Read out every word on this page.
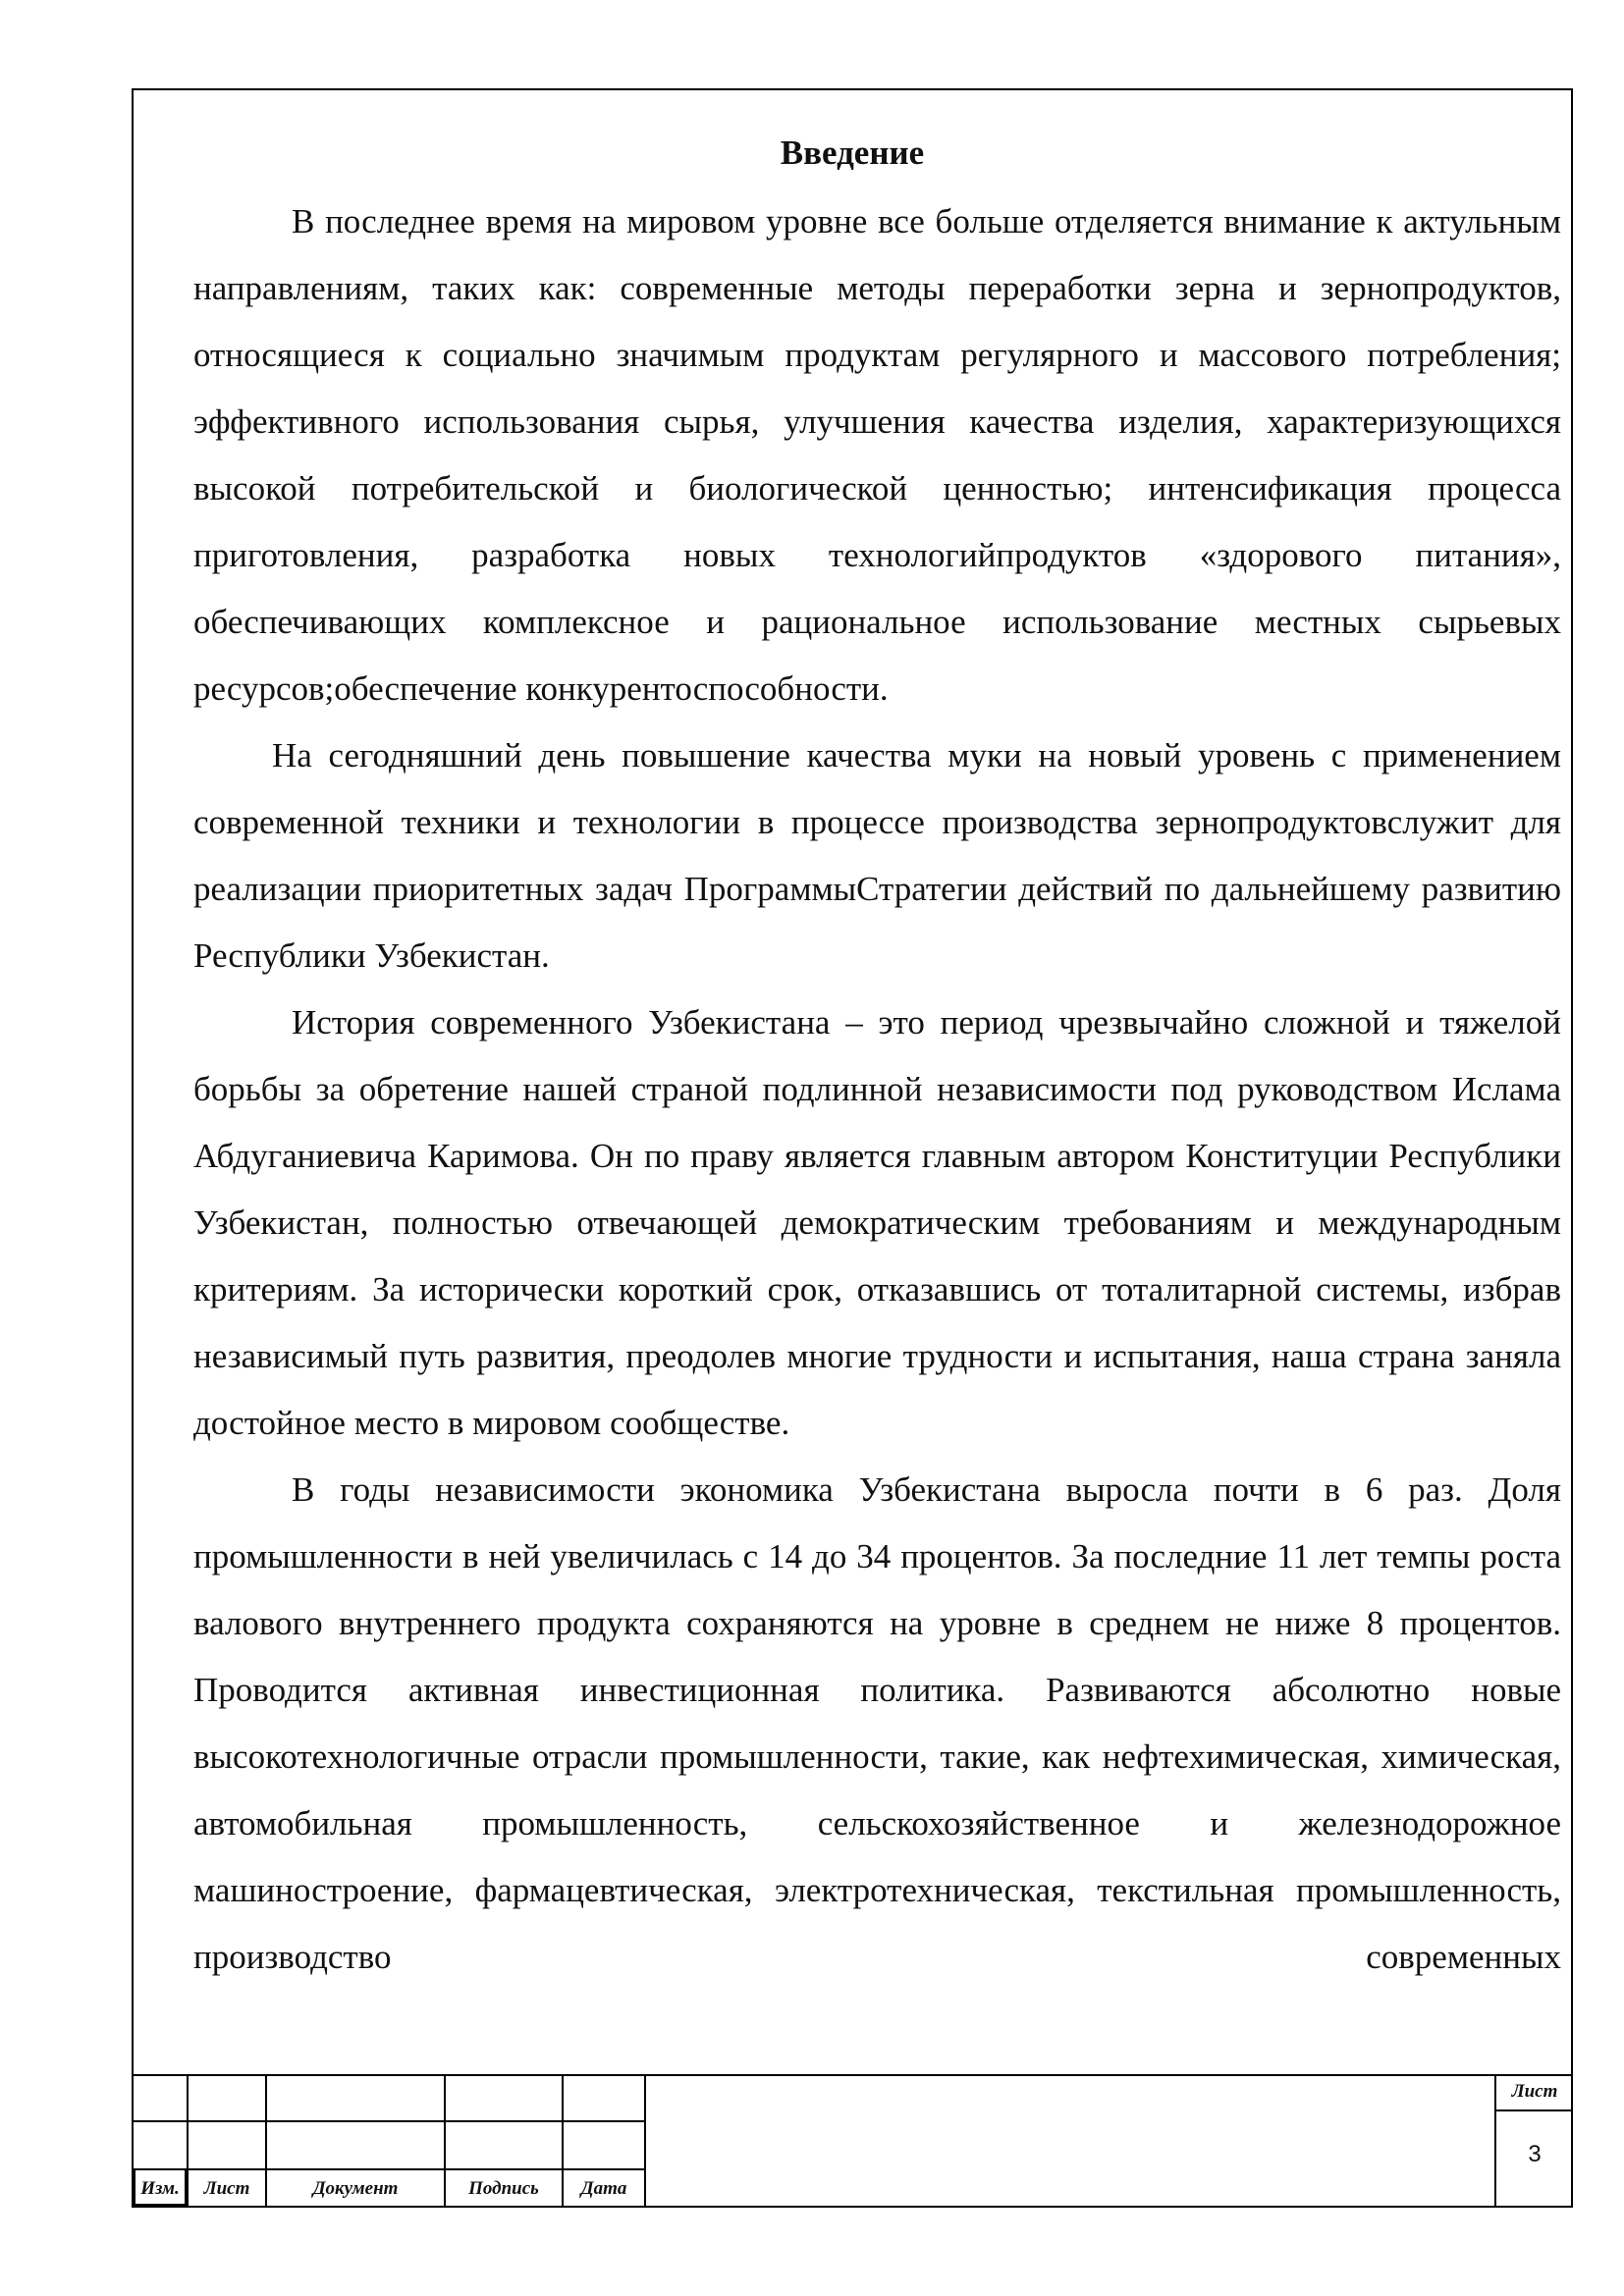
Введение

В последнее время на мировом уровне все больше отделяется внимание к актульным направлениям, таких как: современные методы переработки зерна и зернопродуктов, относящиеся к социально значимым продуктам регулярного и массового потребления; эффективного использования сырья, улучшения качества изделия, характеризующихся высокой потребительской и биологической ценностью; интенсификация процесса приготовления, разработка новых технологийпродуктов «здорового питания», обеспечивающих комплексное и рациональное использование местных сырьевых ресурсов;обеспечение конкурентоспособности.

На сегодняшний день повышение качества муки на новый уровень с применением современной техники и технологии в процессе производства зернопродуктовслужит для реализации приоритетных задач ПрограммыСтратегии действий по дальнейшему развитию Республики Узбекистан.

История современного Узбекистана – это период чрезвычайно сложной и тяжелой борьбы за обретение нашей страной подлинной независимости под руководством Ислама Абдуганиевича Каримова. Он по праву является главным автором Конституции Республики Узбекистан, полностью отвечающей демократическим требованиям и международным критериям. За исторически короткий срок, отказавшись от тоталитарной системы, избрав независимый путь развития, преодолев многие трудности и испытания, наша страна заняла достойное место в мировом сообществе.

В годы независимости экономика Узбекистана выросла почти в 6 раз. Доля промышленности в ней увеличилась с 14 до 34 процентов. За последние 11 лет темпы роста валового внутреннего продукта сохраняются на уровне в среднем не ниже 8 процентов. Проводится активная инвестиционная политика. Развиваются абсолютно новые высокотехнологичные отрасли промышленности, такие, как нефтехимическая, химическая, автомобильная промышленность, сельскохозяйственное и железнодорожное машиностроение, фармацевтическая, электротехническая, текстильная промышленность, производство современных

Изм.	Лист	Документ	Подпись	Дата
Лист
3
